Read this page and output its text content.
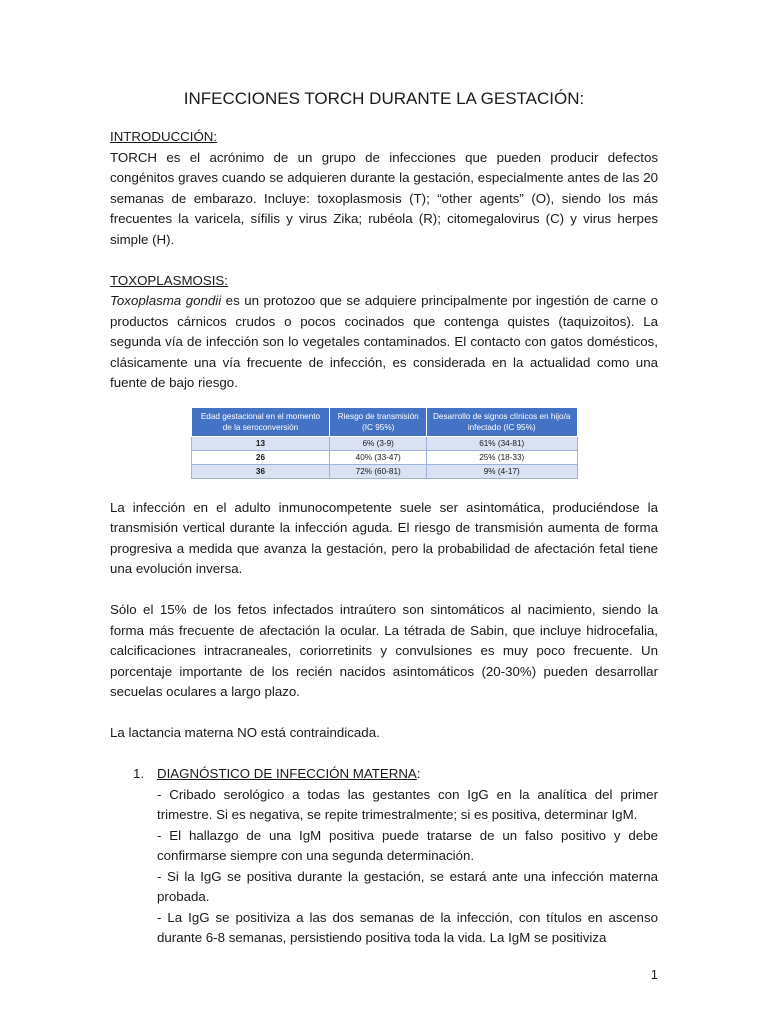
INFECCIONES TORCH DURANTE LA GESTACIÓN:

INTRODUCCIÓN:

TORCH es el acrónimo de un grupo de infecciones que pueden producir defectos congénitos graves cuando se adquieren durante la gestación, especialmente antes de las 20 semanas de embarazo. Incluye: toxoplasmosis (T); “other agents” (O), siendo los más frecuentes la varicela, sífilis y virus Zika; rubéola (R); citomegalovirus (C) y virus herpes simple (H).

TOXOPLASMOSIS:

Toxoplasma gondii es un protozoo que se adquiere principalmente por ingestión de carne o productos cárnicos crudos o pocos cocinados que contenga quistes (taquizoitos). La segunda vía de infección son lo vegetales contaminados. El contacto con gatos domésticos, clásicamente una vía frecuente de infección, es considerada en la actualidad como una fuente de bajo riesgo.

Edad gestacional en el momento de la seroconversión	Riesgo de transmisión (IC 95%)	Desarrollo de signos clínicos en hijo/a infectado (IC 95%)
13	6% (3-9)	61% (34-81)
26	40% (33-47)	25% (18-33)
36	72% (60-81)	9% (4-17)

La infección en el adulto inmunocompetente suele ser asintomática, produciéndose la transmisión vertical durante la infección aguda. El riesgo de transmisión aumenta de forma progresiva a medida que avanza la gestación, pero la probabilidad de afectación fetal tiene una evolución inversa.

Sólo el 15% de los fetos infectados intraútero son sintomáticos al nacimiento, siendo la forma más frecuente de afectación la ocular. La tétrada de Sabin, que incluye hidrocefalia, calcificaciones intracraneales, coriorretinits y convulsiones es muy poco frecuente. Un porcentaje importante de los recién nacidos asintomáticos (20-30%) pueden desarrollar secuelas oculares a largo plazo.

La lactancia materna NO está contraindicada.

1. DIAGNÓSTICO DE INFECCIÓN MATERNA:

- Cribado serológico a todas las gestantes con IgG en la analítica del primer trimestre. Si es negativa, se repite trimestralmente; si es positiva, determinar IgM.

- El hallazgo de una IgM positiva puede tratarse de un falso positivo y debe confirmarse siempre con una segunda determinación.

- Si la IgG se positiva durante la gestación, se estará ante una infección materna probada.

- La IgG se positiviza a las dos semanas de la infección, con títulos en ascenso durante 6-8 semanas, persistiendo positiva toda la vida. La IgM se positiviza

1
